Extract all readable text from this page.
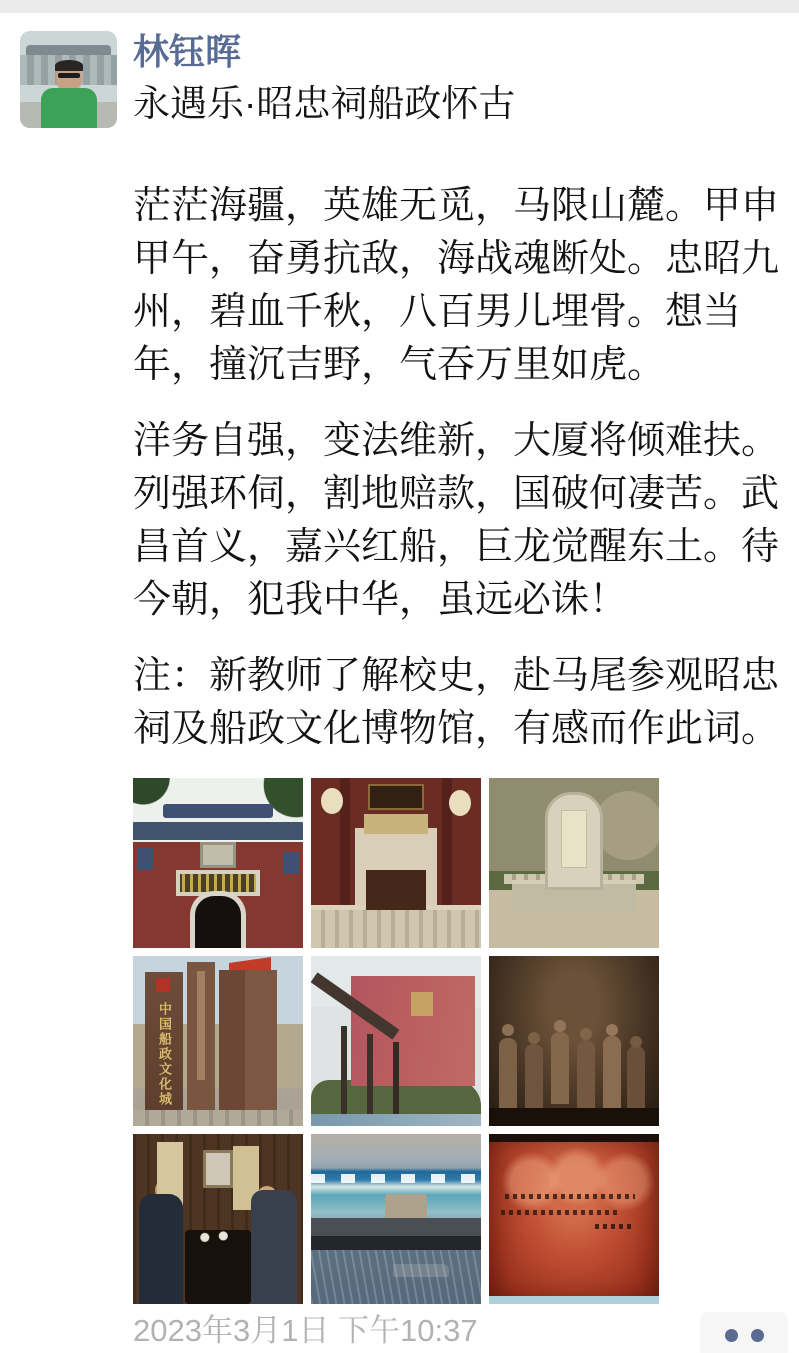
林钰晖
永遇乐·昭忠祠船政怀古

茫茫海疆，英雄无觅，马限山麓。甲申甲午，奋勇抗敌，海战魂断处。忠昭九州，碧血千秋，八百男儿埋骨。想当年，撞沉吉野，气吞万里如虎。

洋务自强，变法维新，大厦将倾难扶。列强环伺，割地赔款，国破何凄苦。武昌首义，嘉兴红船，巨龙觉醒东土。待今朝，犯我中华，虽远必诛！

注：新教师了解校史，赴马尾参观昭忠祠及船政文化博物馆，有感而作此词。

中国船政文化城
2023年3月1日 下午10:37
